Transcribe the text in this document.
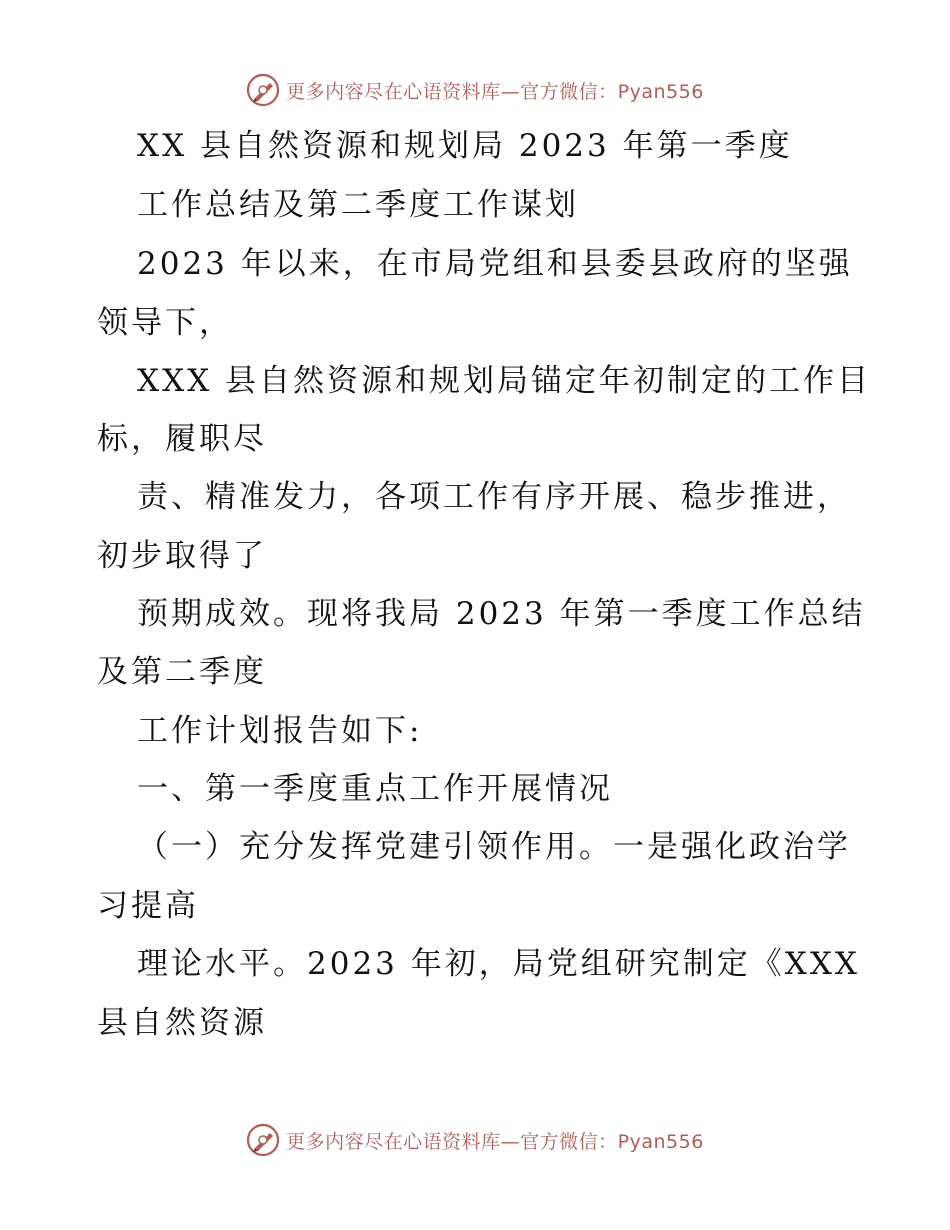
更多内容尽在心语资料库—官方微信：Pyan556
XX 县自然资源和规划局 2023 年第一季度
工作总结及第二季度工作谋划
2023 年以来，在市局党组和县委县政府的坚强
领导下，
XXX 县自然资源和规划局锚定年初制定的工作目
标，履职尽
责、精准发力，各项工作有序开展、稳步推进，
初步取得了
预期成效。现将我局 2023 年第一季度工作总结
及第二季度
工作计划报告如下:
一、第一季度重点工作开展情况
（一）充分发挥党建引领作用。一是强化政治学
习提高
理论水平。2023 年初，局党组研究制定《XXX
县自然资源
更多内容尽在心语资料库—官方微信：Pyan556
